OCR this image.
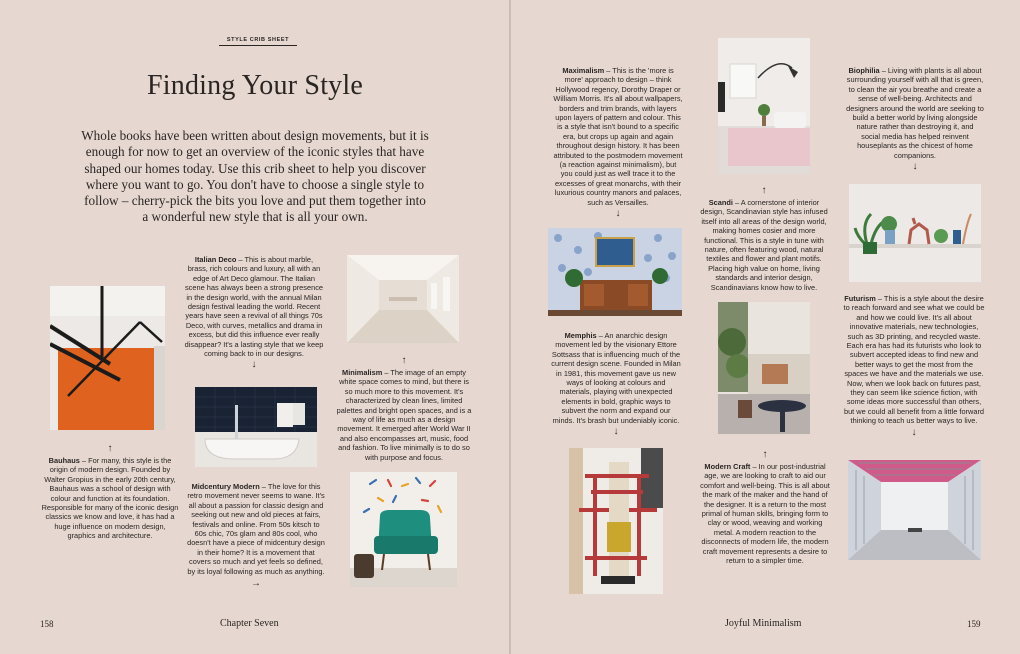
STYLE CRIB SHEET
Finding Your Style
Whole books have been written about design movements, but it is enough for now to get an overview of the iconic styles that have shaped our homes today. Use this crib sheet to help you discover where you want to go. You don't have to choose a single style to follow – cherry-pick the bits you love and put them together into a wonderful new style that is all your own.
Italian Deco – This is about marble, brass, rich colours and luxury, all with an edge of Art Deco glamour. The Italian scene has always been a strong presence in the design world, with the annual Milan design festival leading the world. Recent years have seen a revival of all things 70s Deco, with curves, metallics and drama in excess, but did this influence ever really disappear? It's a lasting style that we keep coming back to in our designs.
↓	↑
Minimalism – The image of an empty white space comes to mind, but there is so much more to this movement. It's characterized by clean lines, limited palettes and bright open spaces, and is a way of life as much as a design movement. It emerged after World War II and also encompasses art, music, food and fashion. To live minimally is to do so with purpose and focus.
↑
Bauhaus – For many, this style is the origin of modern design. Founded by Walter Gropius in the early 20th century, Bauhaus was a school of design with colour and function at its foundation. Responsible for many of the iconic design classics we know and love, it has had a huge influence on modern design, graphics and architecture.
Midcentury Modern – The love for this retro movement never seems to wane. It's all about a passion for classic design and seeking out new and old pieces at fairs, festivals and online. From 50s kitsch to 60s chic, 70s glam and 80s cool, who doesn't have a piece of midcentury design in their home? It is a movement that covers so much and yet feels so defined, by its loyal following as much as anything.
→
158	Chapter Seven
Maximalism – This is the 'more is more' approach to design – think Hollywood regency, Dorothy Draper or William Morris. It's all about wallpapers, borders and trim brands, with layers upon layers of pattern and colour. This is a style that isn't bound to a specific era, but crops up again and again throughout design history. It has been attributed to the postmodern movement (a reaction against minimalism), but you could just as well trace it to the excesses of great monarchs, with their luxurious country manors and palaces, such as Versailles.
↓
Biophilia – Living with plants is all about surrounding yourself with all that is green, to clean the air you breathe and create a sense of well-being. Architects and designers around the world are seeking to build a better world by living alongside nature rather than destroying it, and social media has helped reinvent houseplants as the chicest of home companions.
↓
↑
Scandi – A cornerstone of interior design, Scandinavian style has infused itself into all areas of the design world, making homes cosier and more functional. This is a style in tune with nature, often featuring wood, natural textiles and flower and plant motifs. Placing high value on home, living standards and interior design, Scandinavians know how to live.
Memphis – An anarchic design movement led by the visionary Ettore Sottsass that is influencing much of the current design scene. Founded in Milan in 1981, this movement gave us new ways of looking at colours and materials, playing with unexpected elements in bold, graphic ways to subvert the norm and expand our minds. It's brash but undeniably iconic.
↓
Futurism – This is a style about the desire to reach forward and see what we could be and how we could live. It's all about innovative materials, new technologies, such as 3D printing, and recycled waste. Each era has had its futurists who look to subvert accepted ideas to find new and better ways to get the most from the spaces we have and the materials we use. Now, when we look back on futures past, they can seem like science fiction, with some ideas more successful than others, but we could all benefit from a little forward thinking to teach us better ways to live.
↓
↑
Modern Craft – In our post-industrial age, we are looking to craft to aid our comfort and well-being. This is all about the mark of the maker and the hand of the designer. It is a return to the most primal of human skills, bringing form to clay or wood, weaving and working metal. A modern reaction to the disconnects of modern life, the modern craft movement represents a desire to return to a simpler time.
Joyful Minimalism	159
